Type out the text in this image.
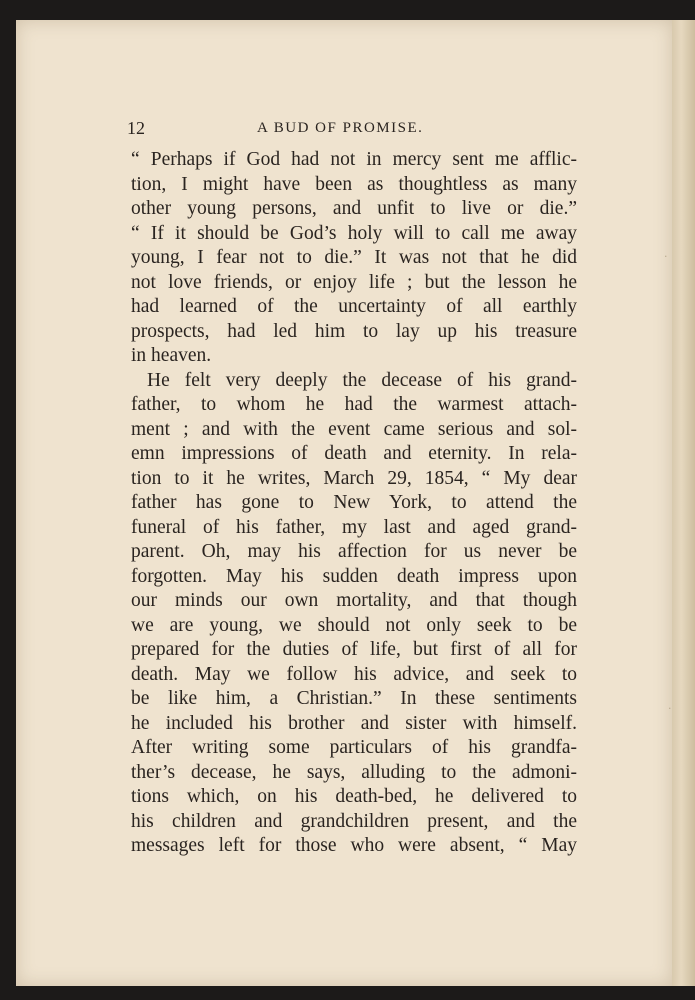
·
·
12	A BUD OF PROMISE.
“ Perhaps if God had not in mercy sent me afflic-
tion, I might have been as thoughtless as many
other young persons, and unfit to live or die.”
“ If it should be God’s holy will to call me away
young, I fear not to die.” It was not that he did
not love friends, or enjoy life ; but the lesson he
had learned of the uncertainty of all earthly
prospects, had led him to lay up his treasure
in heaven.
He felt very deeply the decease of his grand-
father, to whom he had the warmest attach-
ment ; and with the event came serious and sol-
emn impressions of death and eternity. In rela-
tion to it he writes, March 29, 1854, “ My dear
father has gone to New York, to attend the
funeral of his father, my last and aged grand-
parent. Oh, may his affection for us never be
forgotten. May his sudden death impress upon
our minds our own mortality, and that though
we are young, we should not only seek to be
prepared for the duties of life, but first of all for
death. May we follow his advice, and seek to
be like him, a Christian.” In these sentiments
he included his brother and sister with himself.
After writing some particulars of his grandfa-
ther’s decease, he says, alluding to the admoni-
tions which, on his death-bed, he delivered to
his children and grandchildren present, and the
messages left for those who were absent, “ May
